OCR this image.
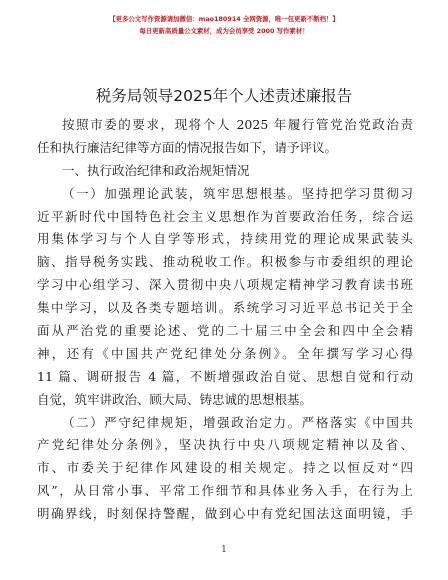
【更多公文写作资源请加微信：mao180914 全网资源，唯一包更新不断档！】
每日更新高质量公文素材，成为会员享受 2000 写作素材！
税务局领导2025年个人述责述廉报告
按照市委的要求，现将个人 2025 年履行管党治党政治责
任和执行廉洁纪律等方面的情况报告如下，请予评议。
一、执行政治纪律和政治规矩情况
（一）加强理论武装，筑牢思想根基。坚持把学习贯彻习
近平新时代中国特色社会主义思想作为首要政治任务，综合运
用集体学习与个人自学等形式，持续用党的理论成果武装头
脑、指导税务实践、推动税收工作。积极参与市委组织的理论
学习中心组学习、深入贯彻中央八项规定精神学习教育读书班
集中学习，以及各类专题培训。系统学习习近平总书记关于全
面从严治党的重要论述、党的二十届三中全会和四中全会精
神，还有《中国共产党纪律处分条例》。全年撰写学习心得
11 篇、调研报告 4 篇，不断增强政治自觉、思想自觉和行动
自觉，筑牢讲政治、顾大局、铸忠诚的思想根基。
（二）严守纪律规矩，增强政治定力。严格落实《中国共
产党纪律处分条例》，坚决执行中央八项规定精神以及省、
市、市委关于纪律作风建设的相关规定。持之以恒反对“四
风”，从日常小事、平常工作细节和具体业务入手，在行为上
明确界线，时刻保持警醒，做到心中有党纪国法这面明镜，手
1
